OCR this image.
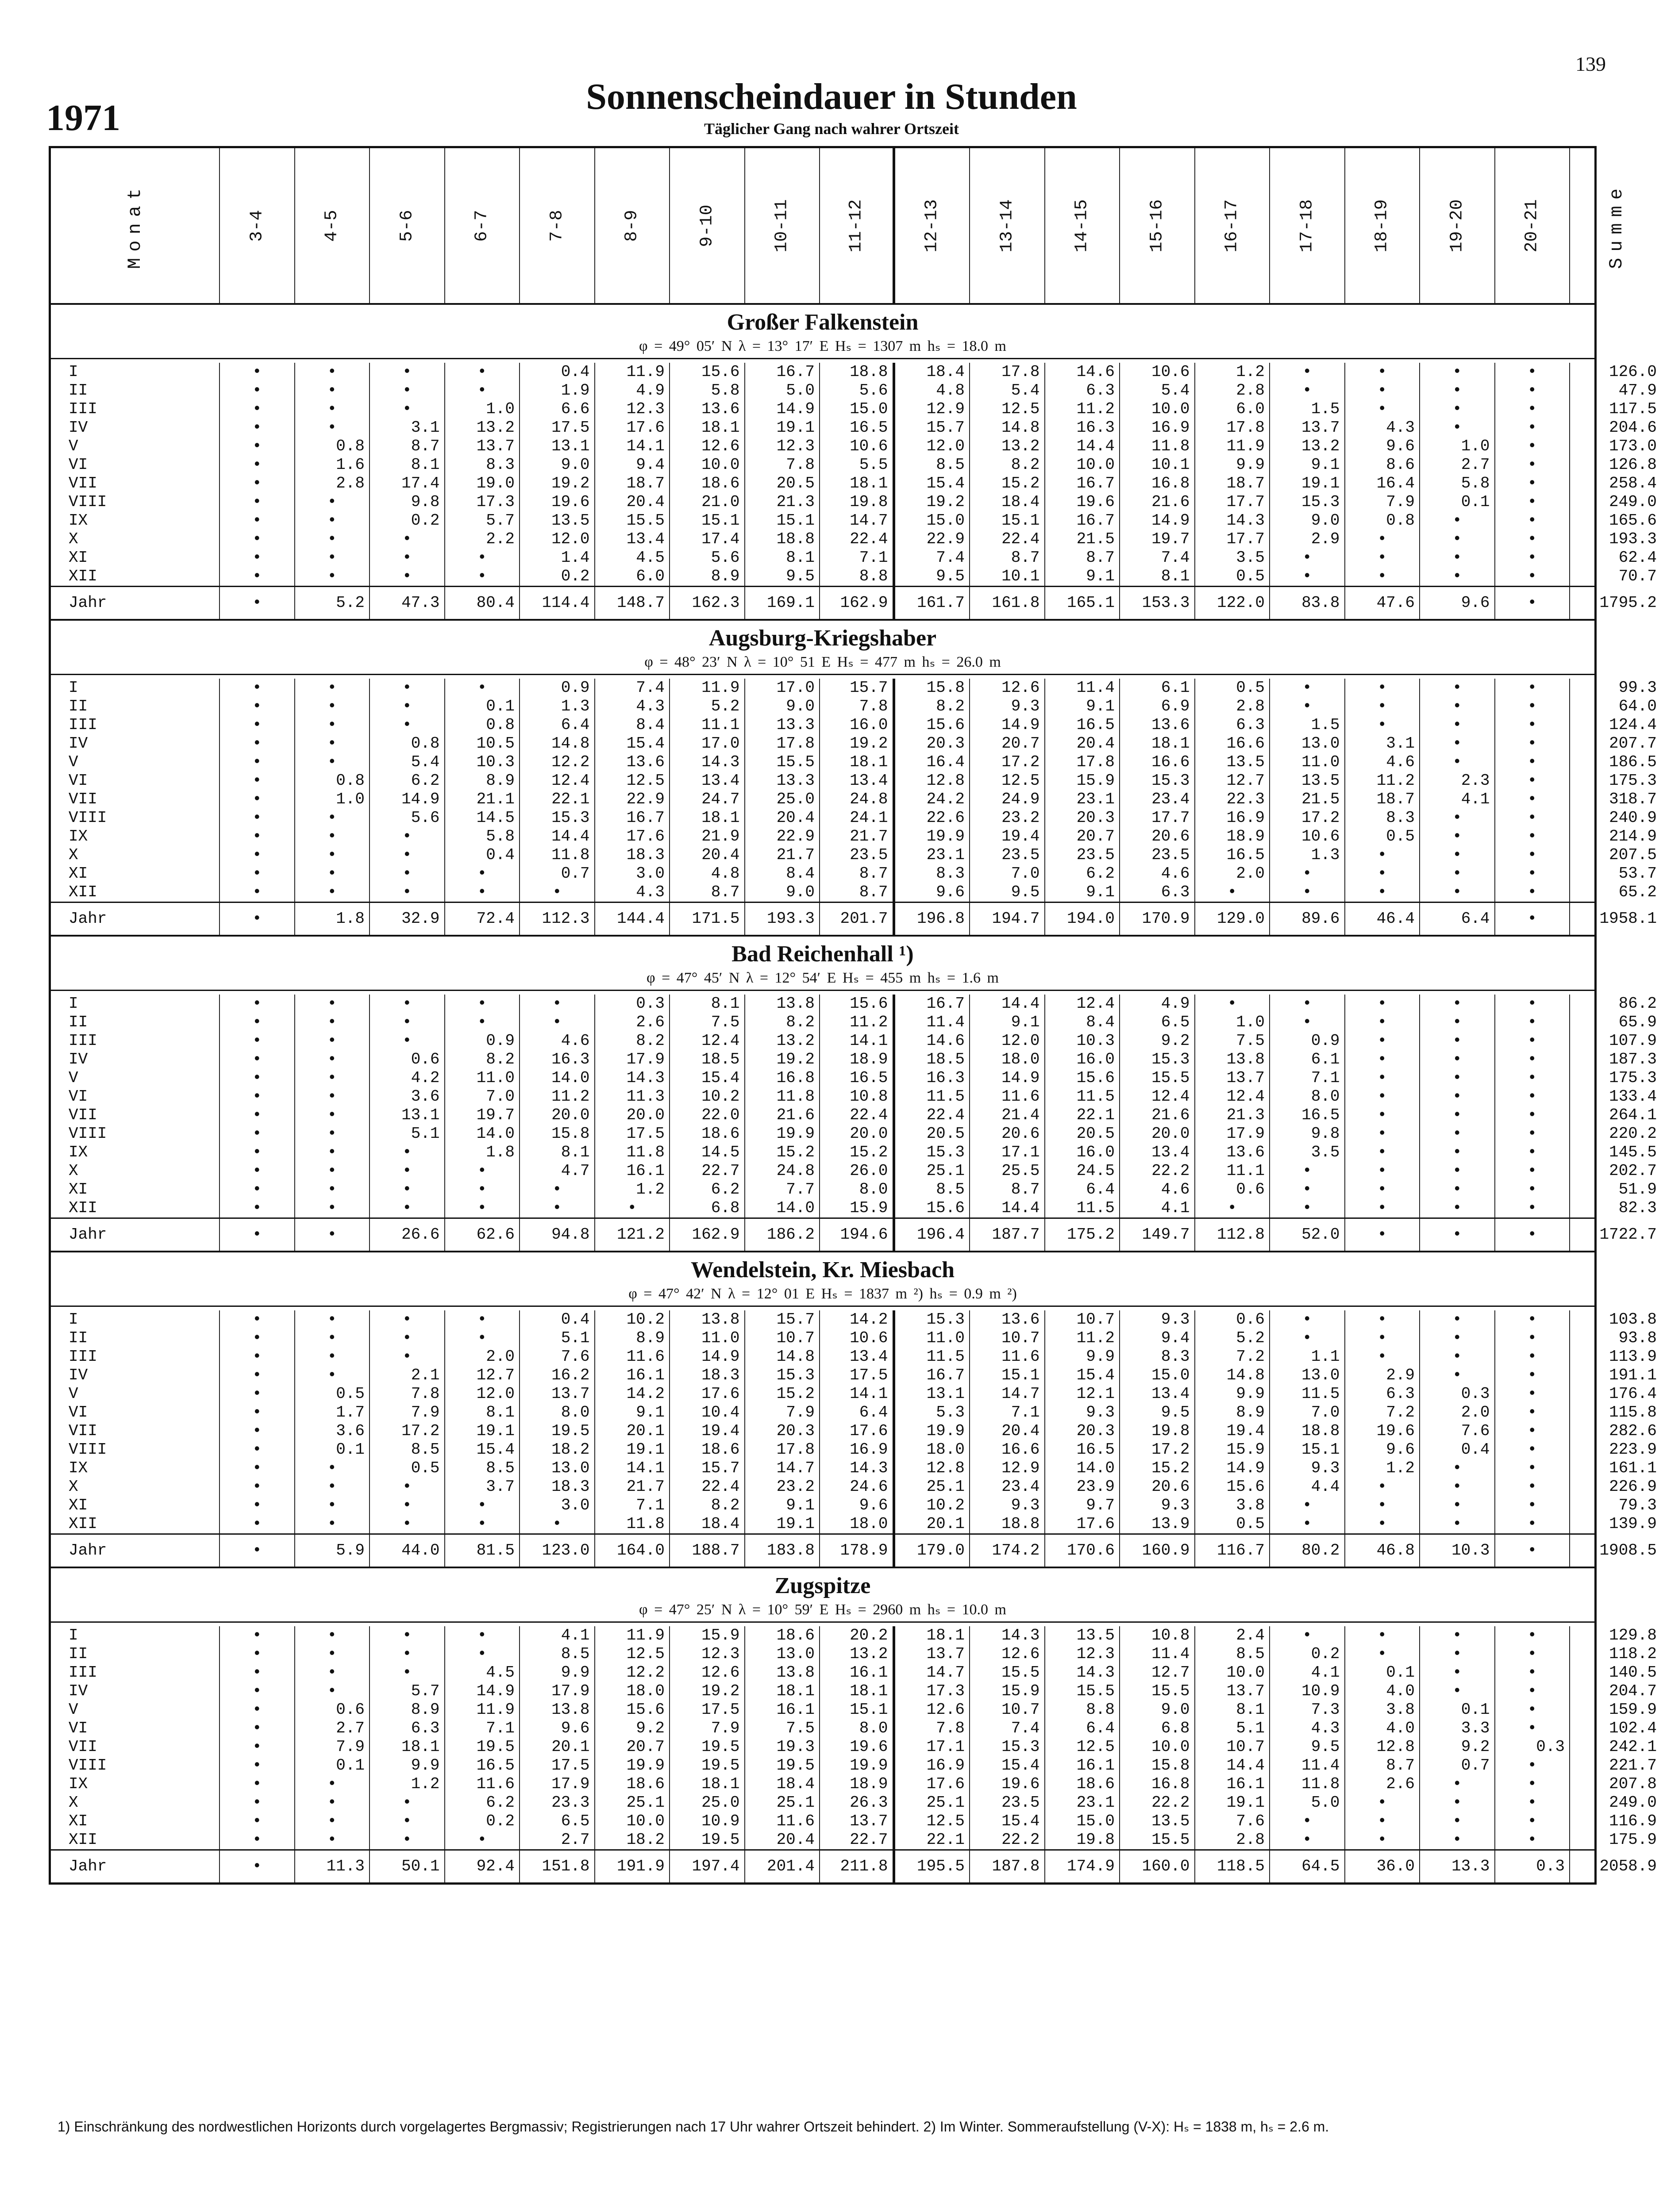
139
1971
Sonnenscheindauer in Stunden
Täglicher Gang nach wahrer Ortszeit
Monat	3-4	4-5	5-6	6-7	7-8	8-9	9-10	10-11	11-12	12-13	13-14	14-15	15-16	16-17	17-18	18-19	19-20	20-21	Summe
Großer Falkenstein
φ = 49° 05′ N λ = 13° 17′ E Hₛ = 1307 m hₛ = 18.0 m
I	•	•	•	•	0.4	11.9	15.6	16.7	18.8	18.4	17.8	14.6	10.6	1.2	•	•	•	•	126.0
II	•	•	•	•	1.9	4.9	5.8	5.0	5.6	4.8	5.4	6.3	5.4	2.8	•	•	•	•	47.9
III	•	•	•	1.0	6.6	12.3	13.6	14.9	15.0	12.9	12.5	11.2	10.0	6.0	1.5	•	•	•	117.5
IV	•	•	3.1	13.2	17.5	17.6	18.1	19.1	16.5	15.7	14.8	16.3	16.9	17.8	13.7	4.3	•	•	204.6
V	•	0.8	8.7	13.7	13.1	14.1	12.6	12.3	10.6	12.0	13.2	14.4	11.8	11.9	13.2	9.6	1.0	•	173.0
VI	•	1.6	8.1	8.3	9.0	9.4	10.0	7.8	5.5	8.5	8.2	10.0	10.1	9.9	9.1	8.6	2.7	•	126.8
VII	•	2.8	17.4	19.0	19.2	18.7	18.6	20.5	18.1	15.4	15.2	16.7	16.8	18.7	19.1	16.4	5.8	•	258.4
VIII	•	•	9.8	17.3	19.6	20.4	21.0	21.3	19.8	19.2	18.4	19.6	21.6	17.7	15.3	7.9	0.1	•	249.0
IX	•	•	0.2	5.7	13.5	15.5	15.1	15.1	14.7	15.0	15.1	16.7	14.9	14.3	9.0	0.8	•	•	165.6
X	•	•	•	2.2	12.0	13.4	17.4	18.8	22.4	22.9	22.4	21.5	19.7	17.7	2.9	•	•	•	193.3
XI	•	•	•	•	1.4	4.5	5.6	8.1	7.1	7.4	8.7	8.7	7.4	3.5	•	•	•	•	62.4
XII	•	•	•	•	0.2	6.0	8.9	9.5	8.8	9.5	10.1	9.1	8.1	0.5	•	•	•	•	70.7
Jahr	•	5.2	47.3	80.4	114.4	148.7	162.3	169.1	162.9	161.7	161.8	165.1	153.3	122.0	83.8	47.6	9.6	•	1795.2
Augsburg-Kriegshaber
φ = 48° 23′ N λ = 10° 51 E Hₛ = 477 m hₛ = 26.0 m
I	•	•	•	•	0.9	7.4	11.9	17.0	15.7	15.8	12.6	11.4	6.1	0.5	•	•	•	•	99.3
II	•	•	•	0.1	1.3	4.3	5.2	9.0	7.8	8.2	9.3	9.1	6.9	2.8	•	•	•	•	64.0
III	•	•	•	0.8	6.4	8.4	11.1	13.3	16.0	15.6	14.9	16.5	13.6	6.3	1.5	•	•	•	124.4
IV	•	•	0.8	10.5	14.8	15.4	17.0	17.8	19.2	20.3	20.7	20.4	18.1	16.6	13.0	3.1	•	•	207.7
V	•	•	5.4	10.3	12.2	13.6	14.3	15.5	18.1	16.4	17.2	17.8	16.6	13.5	11.0	4.6	•	•	186.5
VI	•	0.8	6.2	8.9	12.4	12.5	13.4	13.3	13.4	12.8	12.5	15.9	15.3	12.7	13.5	11.2	2.3	•	175.3
VII	•	1.0	14.9	21.1	22.1	22.9	24.7	25.0	24.8	24.2	24.9	23.1	23.4	22.3	21.5	18.7	4.1	•	318.7
VIII	•	•	5.6	14.5	15.3	16.7	18.1	20.4	24.1	22.6	23.2	20.3	17.7	16.9	17.2	8.3	•	•	240.9
IX	•	•	•	5.8	14.4	17.6	21.9	22.9	21.7	19.9	19.4	20.7	20.6	18.9	10.6	0.5	•	•	214.9
X	•	•	•	0.4	11.8	18.3	20.4	21.7	23.5	23.1	23.5	23.5	23.5	16.5	1.3	•	•	•	207.5
XI	•	•	•	•	0.7	3.0	4.8	8.4	8.7	8.3	7.0	6.2	4.6	2.0	•	•	•	•	53.7
XII	•	•	•	•	•	4.3	8.7	9.0	8.7	9.6	9.5	9.1	6.3	•	•	•	•	•	65.2
Jahr	•	1.8	32.9	72.4	112.3	144.4	171.5	193.3	201.7	196.8	194.7	194.0	170.9	129.0	89.6	46.4	6.4	•	1958.1
Bad Reichenhall ¹)
φ = 47° 45′ N λ = 12° 54′ E Hₛ = 455 m hₛ = 1.6 m
I	•	•	•	•	•	0.3	8.1	13.8	15.6	16.7	14.4	12.4	4.9	•	•	•	•	•	86.2
II	•	•	•	•	•	2.6	7.5	8.2	11.2	11.4	9.1	8.4	6.5	1.0	•	•	•	•	65.9
III	•	•	•	0.9	4.6	8.2	12.4	13.2	14.1	14.6	12.0	10.3	9.2	7.5	0.9	•	•	•	107.9
IV	•	•	0.6	8.2	16.3	17.9	18.5	19.2	18.9	18.5	18.0	16.0	15.3	13.8	6.1	•	•	•	187.3
V	•	•	4.2	11.0	14.0	14.3	15.4	16.8	16.5	16.3	14.9	15.6	15.5	13.7	7.1	•	•	•	175.3
VI	•	•	3.6	7.0	11.2	11.3	10.2	11.8	10.8	11.5	11.6	11.5	12.4	12.4	8.0	•	•	•	133.4
VII	•	•	13.1	19.7	20.0	20.0	22.0	21.6	22.4	22.4	21.4	22.1	21.6	21.3	16.5	•	•	•	264.1
VIII	•	•	5.1	14.0	15.8	17.5	18.6	19.9	20.0	20.5	20.6	20.5	20.0	17.9	9.8	•	•	•	220.2
IX	•	•	•	1.8	8.1	11.8	14.5	15.2	15.2	15.3	17.1	16.0	13.4	13.6	3.5	•	•	•	145.5
X	•	•	•	•	4.7	16.1	22.7	24.8	26.0	25.1	25.5	24.5	22.2	11.1	•	•	•	•	202.7
XI	•	•	•	•	•	1.2	6.2	7.7	8.0	8.5	8.7	6.4	4.6	0.6	•	•	•	•	51.9
XII	•	•	•	•	•	•	6.8	14.0	15.9	15.6	14.4	11.5	4.1	•	•	•	•	•	82.3
Jahr	•	•	26.6	62.6	94.8	121.2	162.9	186.2	194.6	196.4	187.7	175.2	149.7	112.8	52.0	•	•	•	1722.7
Wendelstein, Kr. Miesbach
φ = 47° 42′ N λ = 12° 01 E Hₛ = 1837 m ²) hₛ = 0.9 m ²)
I	•	•	•	•	0.4	10.2	13.8	15.7	14.2	15.3	13.6	10.7	9.3	0.6	•	•	•	•	103.8
II	•	•	•	•	5.1	8.9	11.0	10.7	10.6	11.0	10.7	11.2	9.4	5.2	•	•	•	•	93.8
III	•	•	•	2.0	7.6	11.6	14.9	14.8	13.4	11.5	11.6	9.9	8.3	7.2	1.1	•	•	•	113.9
IV	•	•	2.1	12.7	16.2	16.1	18.3	15.3	17.5	16.7	15.1	15.4	15.0	14.8	13.0	2.9	•	•	191.1
V	•	0.5	7.8	12.0	13.7	14.2	17.6	15.2	14.1	13.1	14.7	12.1	13.4	9.9	11.5	6.3	0.3	•	176.4
VI	•	1.7	7.9	8.1	8.0	9.1	10.4	7.9	6.4	5.3	7.1	9.3	9.5	8.9	7.0	7.2	2.0	•	115.8
VII	•	3.6	17.2	19.1	19.5	20.1	19.4	20.3	17.6	19.9	20.4	20.3	19.8	19.4	18.8	19.6	7.6	•	282.6
VIII	•	0.1	8.5	15.4	18.2	19.1	18.6	17.8	16.9	18.0	16.6	16.5	17.2	15.9	15.1	9.6	0.4	•	223.9
IX	•	•	0.5	8.5	13.0	14.1	15.7	14.7	14.3	12.8	12.9	14.0	15.2	14.9	9.3	1.2	•	•	161.1
X	•	•	•	3.7	18.3	21.7	22.4	23.2	24.6	25.1	23.4	23.9	20.6	15.6	4.4	•	•	•	226.9
XI	•	•	•	•	3.0	7.1	8.2	9.1	9.6	10.2	9.3	9.7	9.3	3.8	•	•	•	•	79.3
XII	•	•	•	•	•	11.8	18.4	19.1	18.0	20.1	18.8	17.6	13.9	0.5	•	•	•	•	139.9
Jahr	•	5.9	44.0	81.5	123.0	164.0	188.7	183.8	178.9	179.0	174.2	170.6	160.9	116.7	80.2	46.8	10.3	•	1908.5
Zugspitze
φ = 47° 25′ N λ = 10° 59′ E Hₛ = 2960 m hₛ = 10.0 m
I	•	•	•	•	4.1	11.9	15.9	18.6	20.2	18.1	14.3	13.5	10.8	2.4	•	•	•	•	129.8
II	•	•	•	•	8.5	12.5	12.3	13.0	13.2	13.7	12.6	12.3	11.4	8.5	0.2	•	•	•	118.2
III	•	•	•	4.5	9.9	12.2	12.6	13.8	16.1	14.7	15.5	14.3	12.7	10.0	4.1	0.1	•	•	140.5
IV	•	•	5.7	14.9	17.9	18.0	19.2	18.1	18.1	17.3	15.9	15.5	15.5	13.7	10.9	4.0	•	•	204.7
V	•	0.6	8.9	11.9	13.8	15.6	17.5	16.1	15.1	12.6	10.7	8.8	9.0	8.1	7.3	3.8	0.1	•	159.9
VI	•	2.7	6.3	7.1	9.6	9.2	7.9	7.5	8.0	7.8	7.4	6.4	6.8	5.1	4.3	4.0	3.3	•	102.4
VII	•	7.9	18.1	19.5	20.1	20.7	19.5	19.3	19.6	17.1	15.3	12.5	10.0	10.7	9.5	12.8	9.2	0.3	242.1
VIII	•	0.1	9.9	16.5	17.5	19.9	19.5	19.5	19.9	16.9	15.4	16.1	15.8	14.4	11.4	8.7	0.7	•	221.7
IX	•	•	1.2	11.6	17.9	18.6	18.1	18.4	18.9	17.6	19.6	18.6	16.8	16.1	11.8	2.6	•	•	207.8
X	•	•	•	6.2	23.3	25.1	25.0	25.1	26.3	25.1	23.5	23.1	22.2	19.1	5.0	•	•	•	249.0
XI	•	•	•	0.2	6.5	10.0	10.9	11.6	13.7	12.5	15.4	15.0	13.5	7.6	•	•	•	•	116.9
XII	•	•	•	•	2.7	18.2	19.5	20.4	22.7	22.1	22.2	19.8	15.5	2.8	•	•	•	•	175.9
Jahr	•	11.3	50.1	92.4	151.8	191.9	197.4	201.4	211.8	195.5	187.8	174.9	160.0	118.5	64.5	36.0	13.3	0.3	2058.9
1) Einschränkung des nordwestlichen Horizonts durch vorgelagertes Bergmassiv; Registrierungen nach 17 Uhr wahrer Ortszeit behindert. 2) Im Winter. Sommeraufstellung (V-X): Hₛ = 1838 m, hₛ = 2.6 m.
